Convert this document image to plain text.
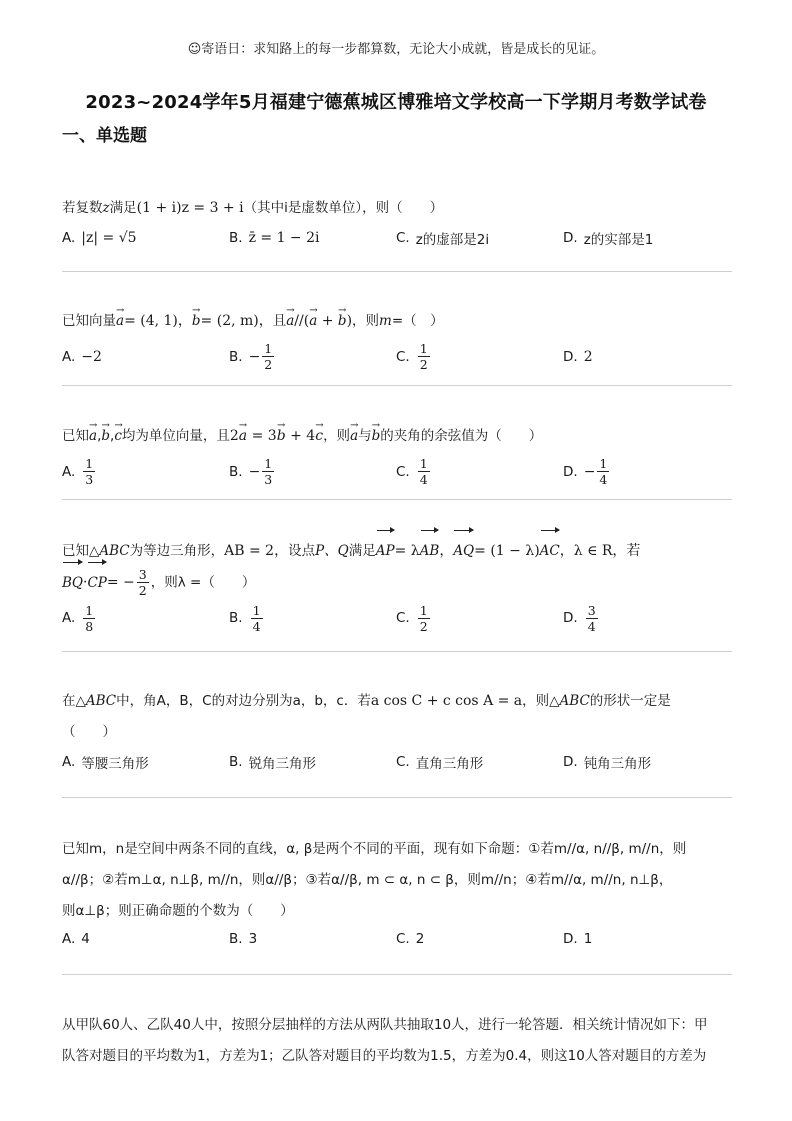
☺寄语日：求知路上的每一步都算数，无论大小成就，皆是成长的见证。
2023~2024学年5月福建宁德蕉城区博雅培文学校高一下学期月考数学试卷
一、单选题
若复数z满足(1 + i)z = 3 + i（其中i是虚数单位），则（　　）
A. |z| = √5	B. z̄ = 1 − 2i	C. z的虚部是2i	D. z的实部是1
已知向量→ a= (4, 1)，→ b= (2, m)，且→ a//(→ a + → b)，则m=（　）
A. −2	B. − $\frac{1}{2}$	C. $\frac{1}{2}$	D. 2
已知→ a,→ b,→ c均为单位向量，且2→ a = 3→ b + 4→ c，则→ a与→ b的夹角的余弦值为（　　）
A. $\frac{1}{3}$	B. − $\frac{1}{3}$	C. $\frac{1}{4}$	D. − $\frac{1}{4}$
已知△ABC为等边三角形，AB = 2，设点P、Q满足AP= λAB，AQ= (1 − λ)AC，λ ∈ R，若
$BQ\cdot CP= - \frac{3}{2}$ ，则λ =（　　）
A. $\frac{1}{8}$	B. $\frac{1}{4}$	C. $\frac{1}{2}$	D. $\frac{3}{4}$
在△ABC中，角A，B，C的对边分别为a，b，c．若a cos C + c cos A = a，则△ABC的形状一定是
（　　）
A. 等腰三角形	B. 锐角三角形	C. 直角三角形	D. 钝角三角形
已知m，n是空间中两条不同的直线，α, β是两个不同的平面，现有如下命题：①若m//α, n//β, m//n，则
α//β；②若m⊥α, n⊥β, m//n，则α//β；③若α//β, m ⊂ α, n ⊂ β，则m//n；④若m//α, m//n, n⊥β，
则α⊥β；则正确命题的个数为（　　）
A. 4	B. 3	C. 2	D. 1
从甲队60人、乙队40人中，按照分层抽样的方法从两队共抽取10人，进行一轮答题．相关统计情况如下：甲
队答对题目的平均数为1，方差为1；乙队答对题目的平均数为1.5，方差为0.4，则这10人答对题目的方差为
